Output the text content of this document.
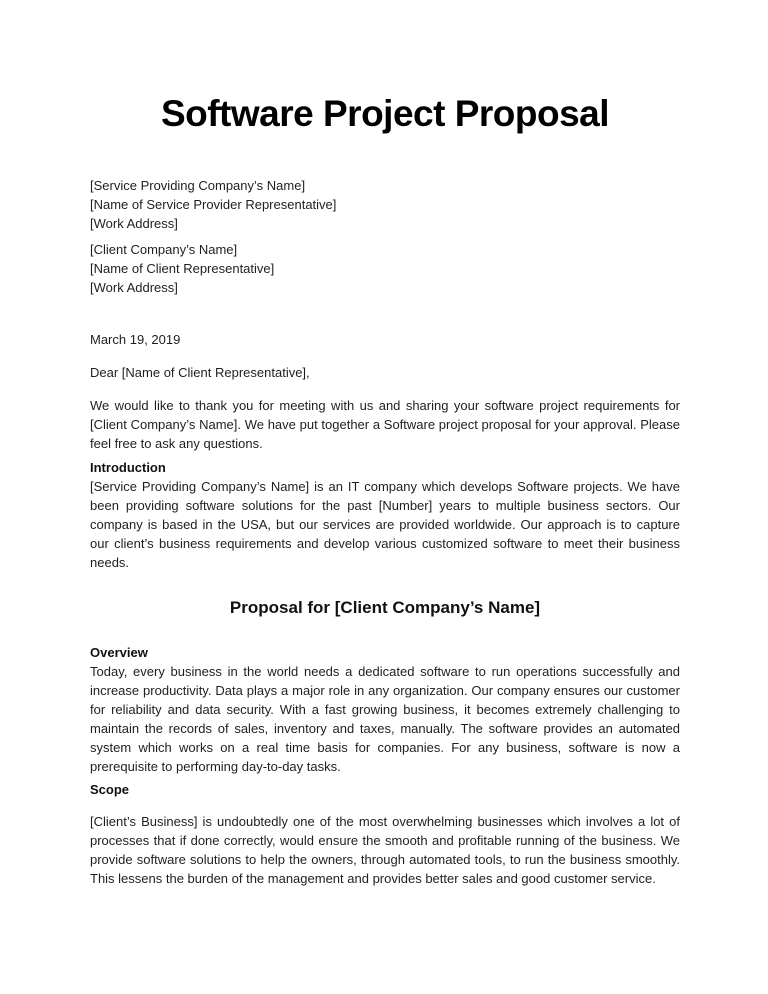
Software Project Proposal

[Service Providing Company’s Name]

[Name of Service Provider Representative]

[Work Address]

[Client Company’s Name]

[Name of Client Representative]

[Work Address]

March 19, 2019

Dear [Name of Client Representative],

We would like to thank you for meeting with us and sharing your software project requirements for [Client Company’s Name]. We have put together a Software project proposal for your approval. Please feel free to ask any questions.

Introduction

[Service Providing Company’s Name] is an IT company which develops Software projects. We have been providing software solutions for the past [Number] years to multiple business sectors. Our company is based in the USA, but our services are provided worldwide. Our approach is to capture our client’s business requirements and develop various customized software to meet their business needs.

Proposal for [Client Company’s Name]
Overview

Today, every business in the world needs a dedicated software to run operations successfully and increase productivity. Data plays a major role in any organization. Our company ensures our customer for reliability and data security. With a fast growing business, it becomes extremely challenging to maintain the records of sales, inventory and taxes, manually. The software provides an automated system which works on a real time basis for companies. For any business, software is now a prerequisite to performing day-to-day tasks.

Scope

[Client’s Business] is undoubtedly one of the most overwhelming businesses which involves a lot of processes that if done correctly, would ensure the smooth and profitable running of the business. We provide software solutions to help the owners, through automated tools, to run the business smoothly. This lessens the burden of the management and provides better sales and good customer service.
